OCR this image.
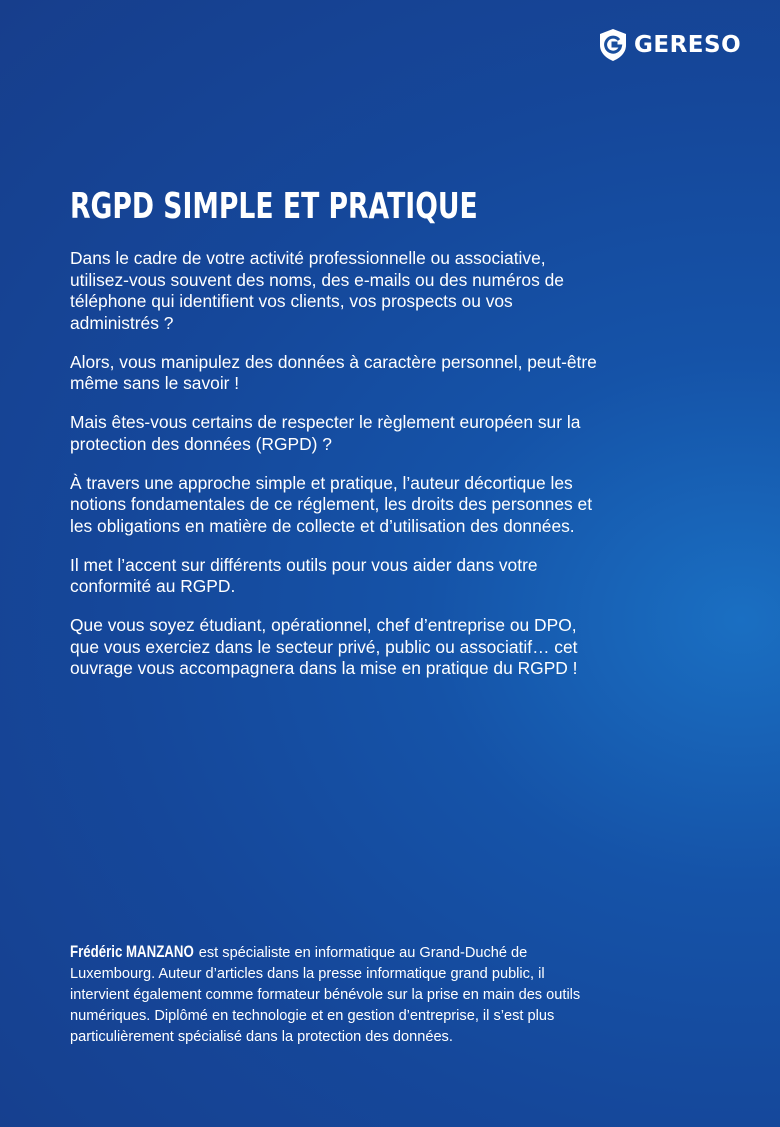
GERESO
RGPD SIMPLE ET PRATIQUE

Dans le cadre de votre activité professionnelle ou associative, utilisez-vous souvent des noms, des e-mails ou des numéros de téléphone qui identifient vos clients, vos prospects ou vos administrés ?

Alors, vous manipulez des données à caractère personnel, peut-être même sans le savoir !

Mais êtes-vous certains de respecter le règlement européen sur la protection des données (RGPD) ?

À travers une approche simple et pratique, l’auteur décortique les notions fondamentales de ce réglement, les droits des personnes et les obligations en matière de collecte et d’utilisation des données.

Il met l’accent sur différents outils pour vous aider dans votre conformité au RGPD.

Que vous soyez étudiant, opérationnel, chef d’entreprise ou DPO, que vous exerciez dans le secteur privé, public ou associatif… cet ouvrage vous accompagnera dans la mise en pratique du RGPD !

Frédéric MANZANO est spécialiste en informatique au Grand-Duché de Luxembourg. Auteur d’articles dans la presse informatique grand public, il intervient également comme formateur bénévole sur la prise en main des outils numériques. Diplômé en technologie et en gestion d’entreprise, il s’est plus particulièrement spécialisé dans la protection des données.
